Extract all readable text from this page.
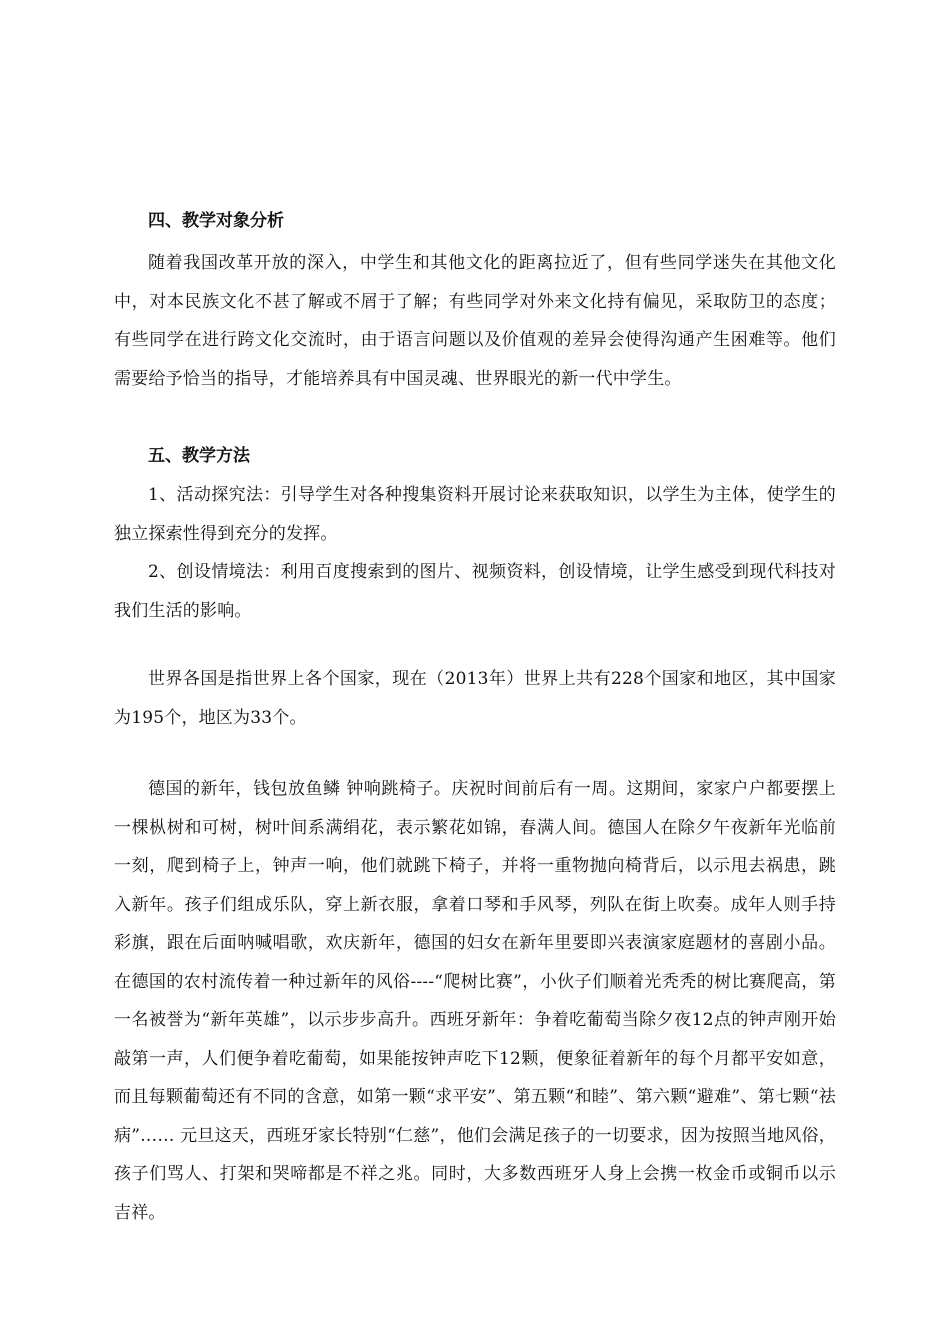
四、教学对象分析

随着我国改革开放的深入，中学生和其他文化的距离拉近了，但有些同学迷失在其他文化中，对本民族文化不甚了解或不屑于了解；有些同学对外来文化持有偏见，采取防卫的态度；有些同学在进行跨文化交流时，由于语言问题以及价值观的差异会使得沟通产生困难等。他们需要给予恰当的指导，才能培养具有中国灵魂、世界眼光的新一代中学生。

五、教学方法

1、活动探究法：引导学生对各种搜集资料开展讨论来获取知识，以学生为主体，使学生的独立探索性得到充分的发挥。

2、创设情境法：利用百度搜索到的图片、视频资料，创设情境，让学生感受到现代科技对我们生活的影响。

世界各国是指世界上各个国家，现在（2013年）世界上共有228个国家和地区，其中国家为195个，地区为33个。

德国的新年，钱包放鱼鳞 钟响跳椅子。庆祝时间前后有一周。这期间，家家户户都要摆上一棵枞树和可树，树叶间系满绢花，表示繁花如锦，春满人间。德国人在除夕午夜新年光临前一刻，爬到椅子上，钟声一响，他们就跳下椅子，并将一重物抛向椅背后，以示甩去祸患，跳入新年。孩子们组成乐队，穿上新衣服，拿着口琴和手风琴，列队在街上吹奏。成年人则手持彩旗，跟在后面呐喊唱歌，欢庆新年，德国的妇女在新年里要即兴表演家庭题材的喜剧小品。在德国的农村流传着一种过新年的风俗----“爬树比赛”，小伙子们顺着光秃秃的树比赛爬高，第一名被誉为“新年英雄”，以示步步高升。西班牙新年：争着吃葡萄当除夕夜12点的钟声刚开始敲第一声，人们便争着吃葡萄，如果能按钟声吃下12颗，便象征着新年的每个月都平安如意，而且每颗葡萄还有不同的含意，如第一颗“求平安”、第五颗“和睦”、第六颗“避难”、第七颗“祛病”…… 元旦这天，西班牙家长特别“仁慈”，他们会满足孩子的一切要求，因为按照当地风俗，孩子们骂人、打架和哭啼都是不祥之兆。同时，大多数西班牙人身上会携一枚金币或铜币以示吉祥。
